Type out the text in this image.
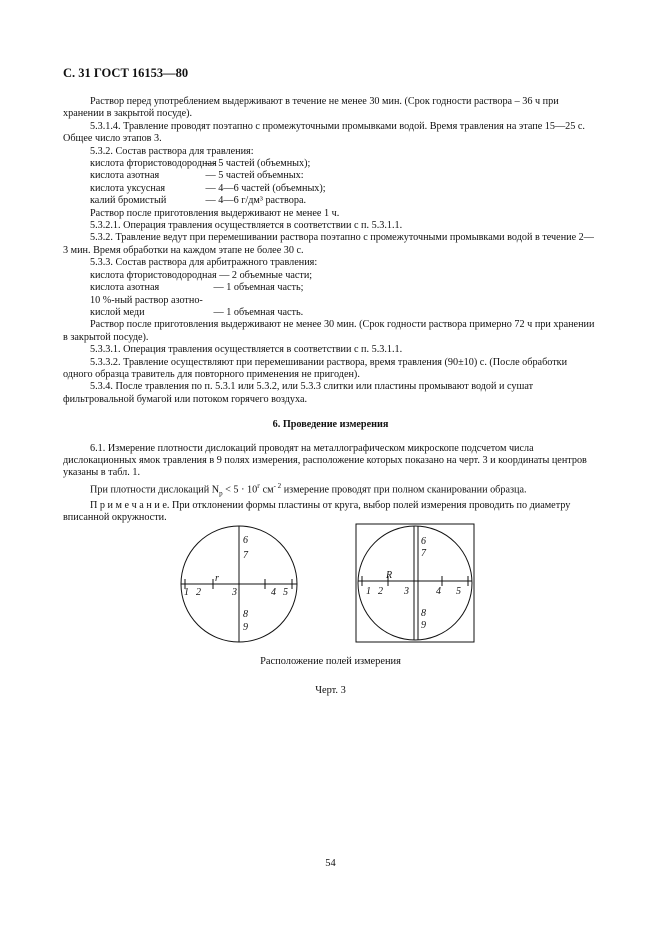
С. 31 ГОСТ 16153—80

Раствор перед употреблением выдерживают в течение не менее 30 мин. (Срок годности раствора – 36 ч при хранении в закрытой посуде).

5.3.1.4. Травление проводят поэтапно с промежуточными промывками водой. Время травления на этапе 15—25 с. Общее число этапов 3.

5.3.2. Состав раствора для травления:

кислота фтористоводородная — 5 частей (объемных);
кислота азотная	— 5 частей объемных:
кислота уксусная	— 4—6 частей (объемных);
калий бромистый	— 4—6 г/дм³ раствора.

Раствор после приготовления выдерживают не менее 1 ч.

5.3.2.1. Операция травления осуществляется в соответствии с п. 5.3.1.1.

5.3.2. Травление ведут при перемешивании раствора поэтапно с промежуточными промывками водой в течение 2—3 мин. Время обработки на каждом этапе не более 30 с.

5.3.3. Состав раствора для арбитражного травления:

кислота фтористоводородная — 2 объемные части;
кислота азотная	— 1 объемная часть;
10 %-ный раствор азотно-
кислой меди	— 1 объемная часть.

Раствор после приготовления выдерживают не менее 30 мин. (Срок годности раствора примерно 72 ч при хранении в закрытой посуде).

5.3.3.1. Операция травления осуществляется в соответствии с п. 5.3.1.1.

5.3.3.2. Травление осуществляют при перемешивании раствора, время травления (90±10) с. (После обработки одного образца травитель для повторного применения не пригоден).

5.3.4. После травления по п. 5.3.1 или 5.3.2, или 5.3.3 слитки или пластины промывают водой и сушат фильтровальной бумагой или потоком горячего воздуха.

6. Проведение измерения

6.1. Измерение плотности дислокаций проводят на металлографическом микроскопе подсчетом числа дислокационных ямок травления в 9 полях измерения, расположение которых показано на черт. 3 и координаты центров указаны в табл. 1.

При плотности дислокаций $N_р < 5 \cdot 10^г$ $см^{- 2}$ измерение проводят при полном сканировании образца.

П р и м е ч а н и е. При отклонении формы пластины от круга, выбор полей измерения проводить по диаметру вписанной окружности.

1 2
r
3	4 5
6
7
8
9
1 2
R
3	4 5
6
7
8
9
Расположение полей измерения
Черт. 3
54
